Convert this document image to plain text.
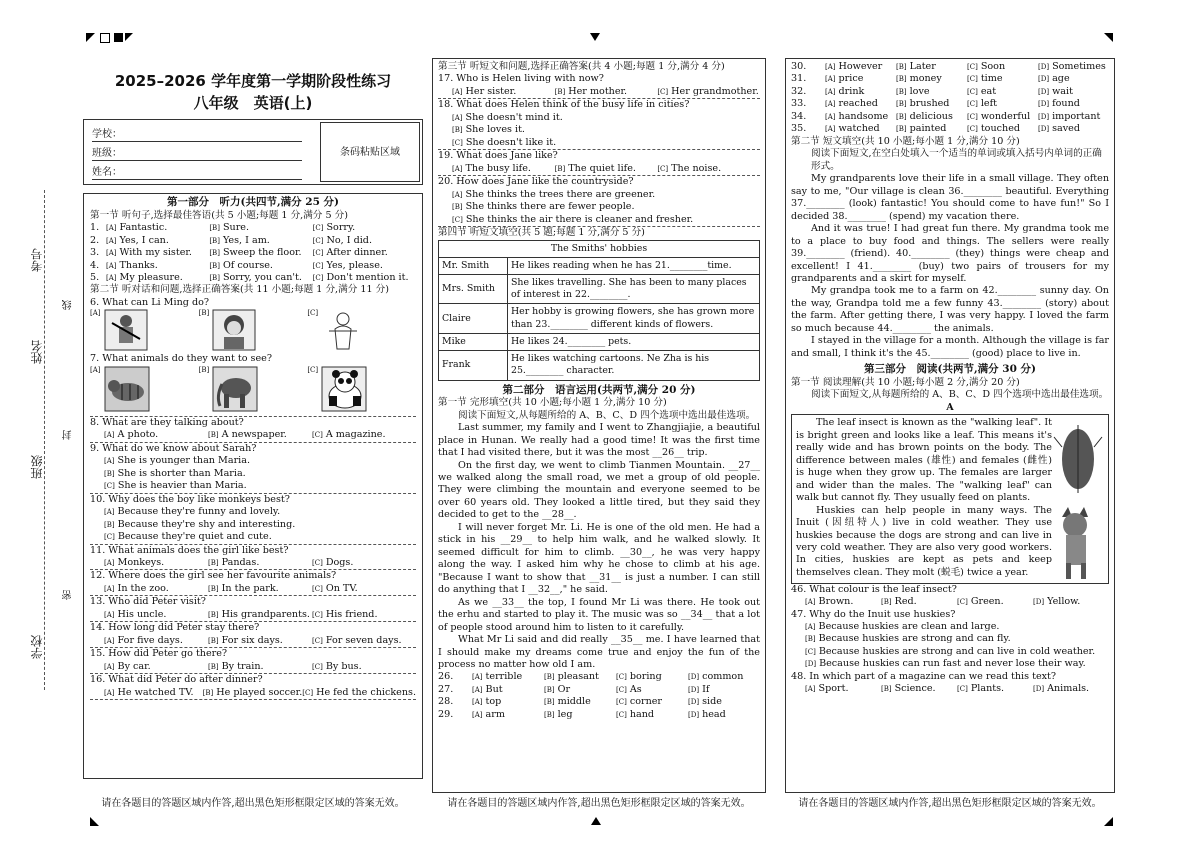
考号
线
姓名
封
班级
密
学校
2025–2026 学年度第一学期阶段性练习
八年级　英语(上)
学校：
班级：
姓名：
条码粘贴区域
第一部分　听力(共四节,满分 25 分)
第一节 听句子,选择最佳答语(共 5 小题;每题 1 分,满分 5 分)
1. [A] Fantastic.	[B] Sure.	[C] Sorry.
2. [A] Yes, I can.	[B] Yes, I am.	[C] No, I did.
3. [A] With my sister.	[B] Sweep the floor.	[C] After dinner.
4. [A] Thanks.	[B] Of course.	[C] Yes, please.
5. [A] My pleasure.	[B] Sorry, you can't.	[C] Don't mention it.
第二节 听对话和问题,选择正确答案(共 11 小题;每题 1 分,满分 11 分)
6. What can Li Ming do?
[A]	[B]	[C]
7. What animals do they want to see?
[A]	[B]	[C]
8. What are they talking about?
[A] A photo.	[B] A newspaper.	[C] A magazine.
9. What do we know about Sarah?
[A] She is younger than Maria.
[B] She is shorter than Maria.
[C] She is heavier than Maria.
10. Why does the boy like monkeys best?
[A] Because they're funny and lovely.
[B] Because they're shy and interesting.
[C] Because they're quiet and cute.
11. What animals does the girl like best?
[A] Monkeys.	[B] Pandas.	[C] Dogs.
12. Where does the girl see her favourite animals?
[A] In the zoo.	[B] In the park.	[C] On TV.
13. Who did Peter visit?
[A] His uncle.	[B] His grandparents. [C] His friend.
14. How long did Peter stay there?
[A] For five days.	[B] For six days.	[C] For seven days.
15. How did Peter go there?
[A] By car.	[B] By train.	[C] By bus.
16. What did Peter do after dinner?
[A] He watched TV.	[B] He played soccer. [C] He fed the chickens.
第三节 听短文和问题,选择正确答案(共 4 小题;每题 1 分,满分 4 分)
17. Who is Helen living with now?
[A] Her sister.	[B] Her mother.	[C] Her grandmother.
18. What does Helen think of the busy life in cities?
[A] She doesn't mind it.
[B] She loves it.
[C] She doesn't like it.
19. What does Jane like?
[A] The busy life.	[B] The quiet life.	[C] The noise.
20. How does Jane like the countryside?
[A] She thinks the trees there are greener.
[B] She thinks there are fewer people.
[C] She thinks the air there is cleaner and fresher.
第四节 听短文填空(共 5 题;每题 1 分,满分 5 分)
The Smiths' hobbies	
Mr. Smith	He likes reading when he has 21.________time.
Mrs. Smith	She likes travelling. She has been to many places of interest in 22.________.
Claire	Her hobby is growing flowers, she has grown more than 23.________ different kinds of flowers.
Mike	He likes 24.________ pets.
Frank	He likes watching cartoons. Ne Zha is his 25.________ character.
第二部分　语言运用(共两节,满分 20 分)
第一节 完形填空(共 10 小题;每小题 1 分,满分 10 分)
阅读下面短文,从每题所给的 A、B、C、D 四个选项中选出最佳选项。

Last summer, my family and I went to Zhangjiajie, a beautiful place in Hunan. We really had a good time! It was the first time that I had visited there, but it was the most __26__ trip.

On the first day, we went to climb Tianmen Mountain. __27__ we walked along the small road, we met a group of old people. They were climbing the mountain and everyone seemed to be over 60 years old. They looked a little tired, but they said they decided to get to the __28__.

I will never forget Mr. Li. He is one of the old men. He had a stick in his __29__ to help him walk, and he walked slowly. It seemed difficult for him to climb. __30__, he was very happy along the way. I asked him why he chose to climb at his age. "Because I want to show that __31__ is just a number. I can still do anything that I __32__," he said.

As we __33__ the top, I found Mr Li was there. He took out the erhu and started to play it. The music was so __34__ that a lot of people stood around him to listen to it carefully.

What Mr Li said and did really __35__ me. I have learned that I should make my dreams come true and enjoy the fun of the process no matter how old I am.

26.	[A] terrible	[B] pleasant	[C] boring	[D] common
27.	[A] But	[B] Or	[C] As	[D] If
28.	[A] top	[B] middle	[C] corner	[D] side
29.	[A] arm	[B] leg	[C] hand	[D] head
30.	[A] However	[B] Later	[C] Soon	[D] Sometimes
31.	[A] price	[B] money	[C] time	[D] age
32.	[A] drink	[B] love	[C] eat	[D] wait
33.	[A] reached	[B] brushed	[C] left	[D] found
34.	[A] handsome	[B] delicious	[C] wonderful	[D] important
35.	[A] watched	[B] painted	[C] touched	[D] saved
第二节 短文填空(共 10 小题;每小题 1 分,满分 10 分)
阅读下面短文,在空白处填入一个适当的单词或填入括号内单词的正确形式。

My grandparents love their life in a small village. They often say to me, "Our village is clean 36.________ beautiful. Everything 37.________ (look) fantastic! You should come to have fun!" So I decided 38.________ (spend) my vacation there.

And it was true! I had great fun there. My grandma took me to a place to buy food and things. The sellers were really 39.________ (friend). 40.________ (they) things were cheap and excellent! I 41.________ (buy) two pairs of trousers for my grandparents and a skirt for myself.

My grandpa took me to a farm on 42.________ sunny day. On the way, Grandpa told me a few funny 43.________ (story) about the farm. After getting there, I was very happy. I loved the farm so much because 44.________ the animals.

I stayed in the village for a month. Although the village is far and small, I think it's the 45.________ (good) place to live in.

第三部分　阅读(共两节,满分 30 分)
第一节 阅读理解(共 10 小题;每小题 2 分,满分 20 分)
阅读下面短文,从每题所给的 A、B、C、D 四个选项中选出最佳选项。
A

The leaf insect is known as the "walking leaf". It is bright green and looks like a leaf. This means it's really wide and has brown points on the body. The difference between males (雄性) and females (雌性) is huge when they grow up. The females are larger and wider than the males. The "walking leaf" can walk but cannot fly. They usually feed on plants.

Huskies can help people in many ways. The Inuit (因纽特人) live in cold weather. They use huskies because the dogs are strong and can live in very cold weather. They are also very good workers. In cities, huskies are kept as pets and keep themselves clean. They molt (蜕毛) twice a year.

46. What colour is the leaf insect?
[A] Brown.	[B] Red.	[C] Green.	[D] Yellow.
47. Why do the Inuit use huskies?
[A] Because huskies are clean and large.
[B] Because huskies are strong and can fly.
[C] Because huskies are strong and can live in cold weather.
[D] Because huskies can run fast and never lose their way.
48. In which part of a magazine can we read this text?
[A] Sport.	[B] Science.	[C] Plants.	[D] Animals.
请在各题目的答题区域内作答,超出黑色矩形框限定区域的答案无效。	请在各题目的答题区域内作答,超出黑色矩形框限定区域的答案无效。	请在各题目的答题区域内作答,超出黑色矩形框限定区域的答案无效。
